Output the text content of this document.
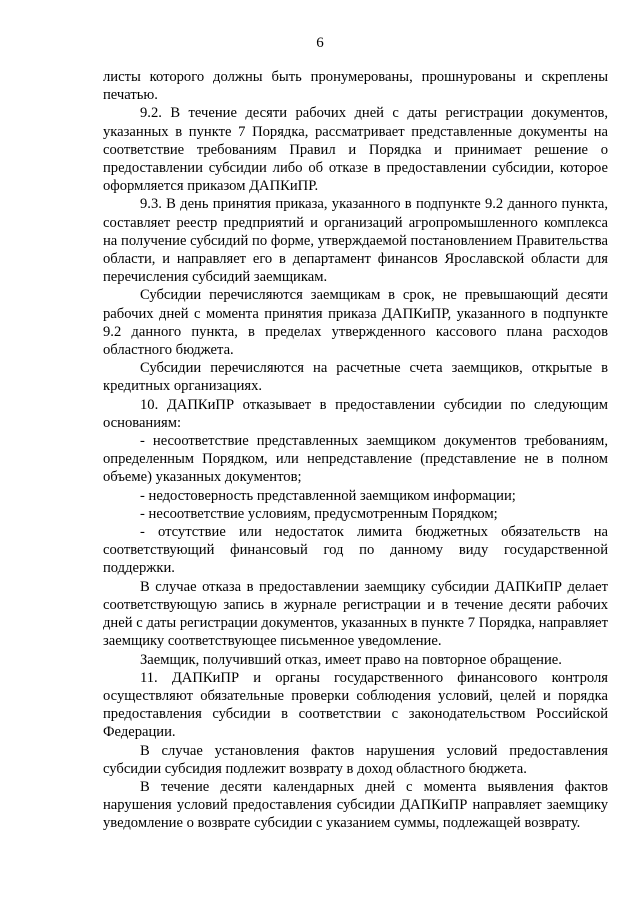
6

листы которого должны быть пронумерованы, прошнурованы и скреплены печатью.

9.2. В течение десяти рабочих дней с даты регистрации документов, указанных в пункте 7 Порядка, рассматривает представленные документы на соответствие требованиям Правил и Порядка и принимает решение о предоставлении субсидии либо об отказе в предоставлении субсидии, которое оформляется приказом ДАПКиПР.

9.3. В день принятия приказа, указанного в подпункте 9.2 данного пункта, составляет реестр предприятий и организаций агропромышленного комплекса на получение субсидий по форме, утверждаемой постановлением Правительства области, и направляет его в департамент финансов Ярославской области для перечисления субсидий заемщикам.

Субсидии перечисляются заемщикам в срок, не превышающий десяти рабочих дней с момента принятия приказа ДАПКиПР, указанного в подпункте 9.2 данного пункта, в пределах утвержденного кассового плана расходов областного бюджета.

Субсидии перечисляются на расчетные счета заемщиков, открытые в кредитных организациях.

10. ДАПКиПР отказывает в предоставлении субсидии по следующим основаниям:

- несоответствие представленных заемщиком документов требованиям, определенным Порядком, или непредставление (представление не в полном объеме) указанных документов;

- недостоверность представленной заемщиком информации;

- несоответствие условиям, предусмотренным Порядком;

- отсутствие или недостаток лимита бюджетных обязательств на соответствующий финансовый год по данному виду государственной поддержки.

В случае отказа в предоставлении заемщику субсидии ДАПКиПР делает соответствующую запись в журнале регистрации и в течение десяти рабочих дней с даты регистрации документов, указанных в пункте 7 Порядка, направляет заемщику соответствующее письменное уведомление.

Заемщик, получивший отказ, имеет право на повторное обращение.

11. ДАПКиПР и органы государственного финансового контроля осуществляют обязательные проверки соблюдения условий, целей и порядка предоставления субсидии в соответствии с законодательством Российской Федерации.

В случае установления фактов нарушения условий предоставления субсидии субсидия подлежит возврату в доход областного бюджета.

В течение десяти календарных дней с момента выявления фактов нарушения условий предоставления субсидии ДАПКиПР направляет заемщику уведомление о возврате субсидии с указанием суммы, подлежащей возврату.
